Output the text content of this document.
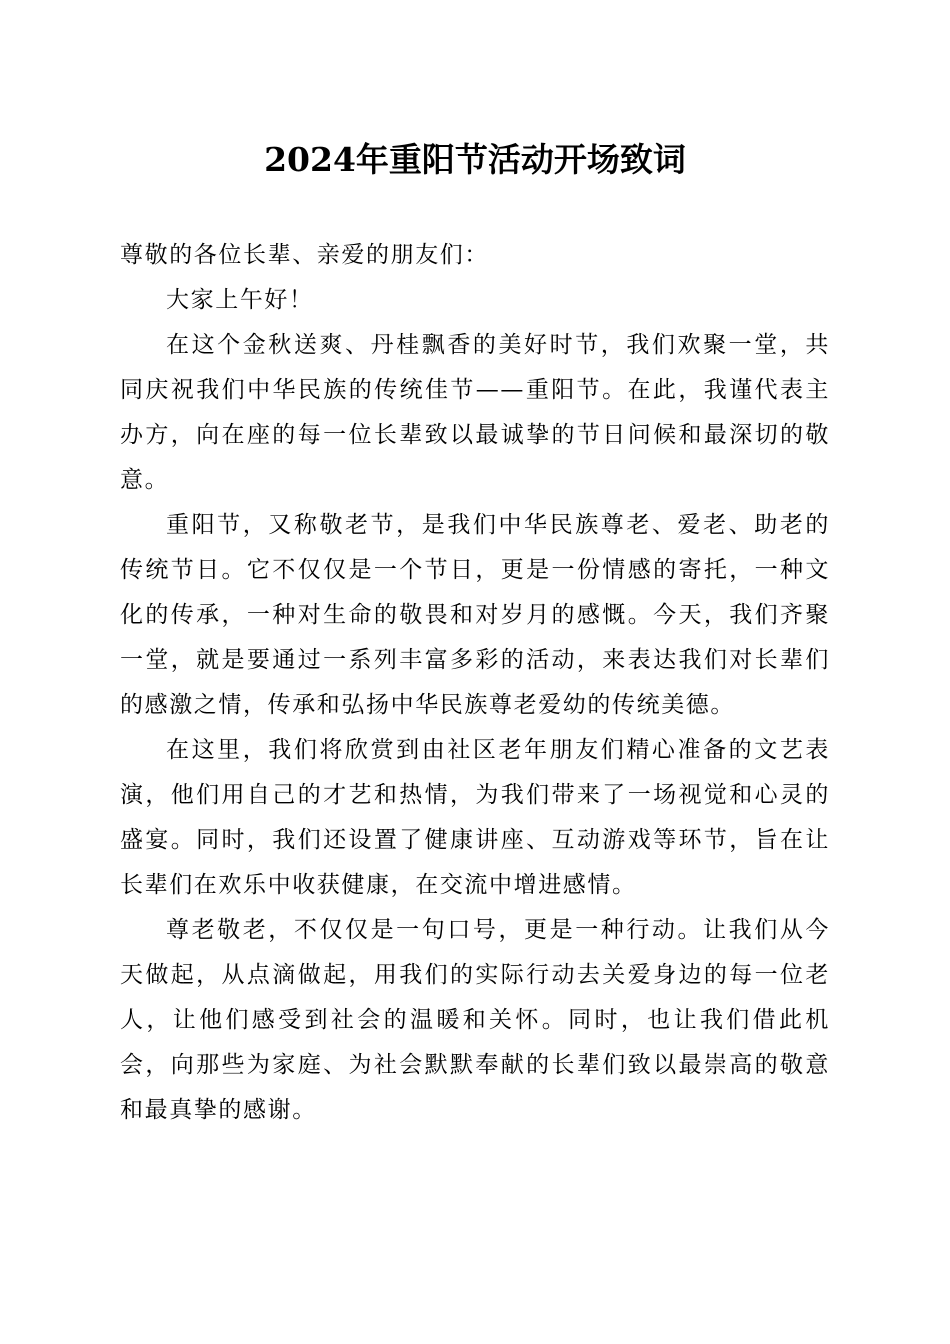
2024年重阳节活动开场致词

尊敬的各位长辈、亲爱的朋友们：

大家上午好！

在这个金秋送爽、丹桂飘香的美好时节，我们欢聚一堂，共同庆祝我们中华民族的传统佳节——重阳节。在此，我谨代表主办方，向在座的每一位长辈致以最诚挚的节日问候和最深切的敬意。

重阳节，又称敬老节，是我们中华民族尊老、爱老、助老的传统节日。它不仅仅是一个节日，更是一份情感的寄托，一种文化的传承，一种对生命的敬畏和对岁月的感慨。今天，我们齐聚一堂，就是要通过一系列丰富多彩的活动，来表达我们对长辈们的感激之情，传承和弘扬中华民族尊老爱幼的传统美德。

在这里，我们将欣赏到由社区老年朋友们精心准备的文艺表演，他们用自己的才艺和热情，为我们带来了一场视觉和心灵的盛宴。同时，我们还设置了健康讲座、互动游戏等环节，旨在让长辈们在欢乐中收获健康，在交流中增进感情。

尊老敬老，不仅仅是一句口号，更是一种行动。让我们从今天做起，从点滴做起，用我们的实际行动去关爱身边的每一位老人，让他们感受到社会的温暖和关怀。同时，也让我们借此机会，向那些为家庭、为社会默默奉献的长辈们致以最崇高的敬意和最真挚的感谢。
